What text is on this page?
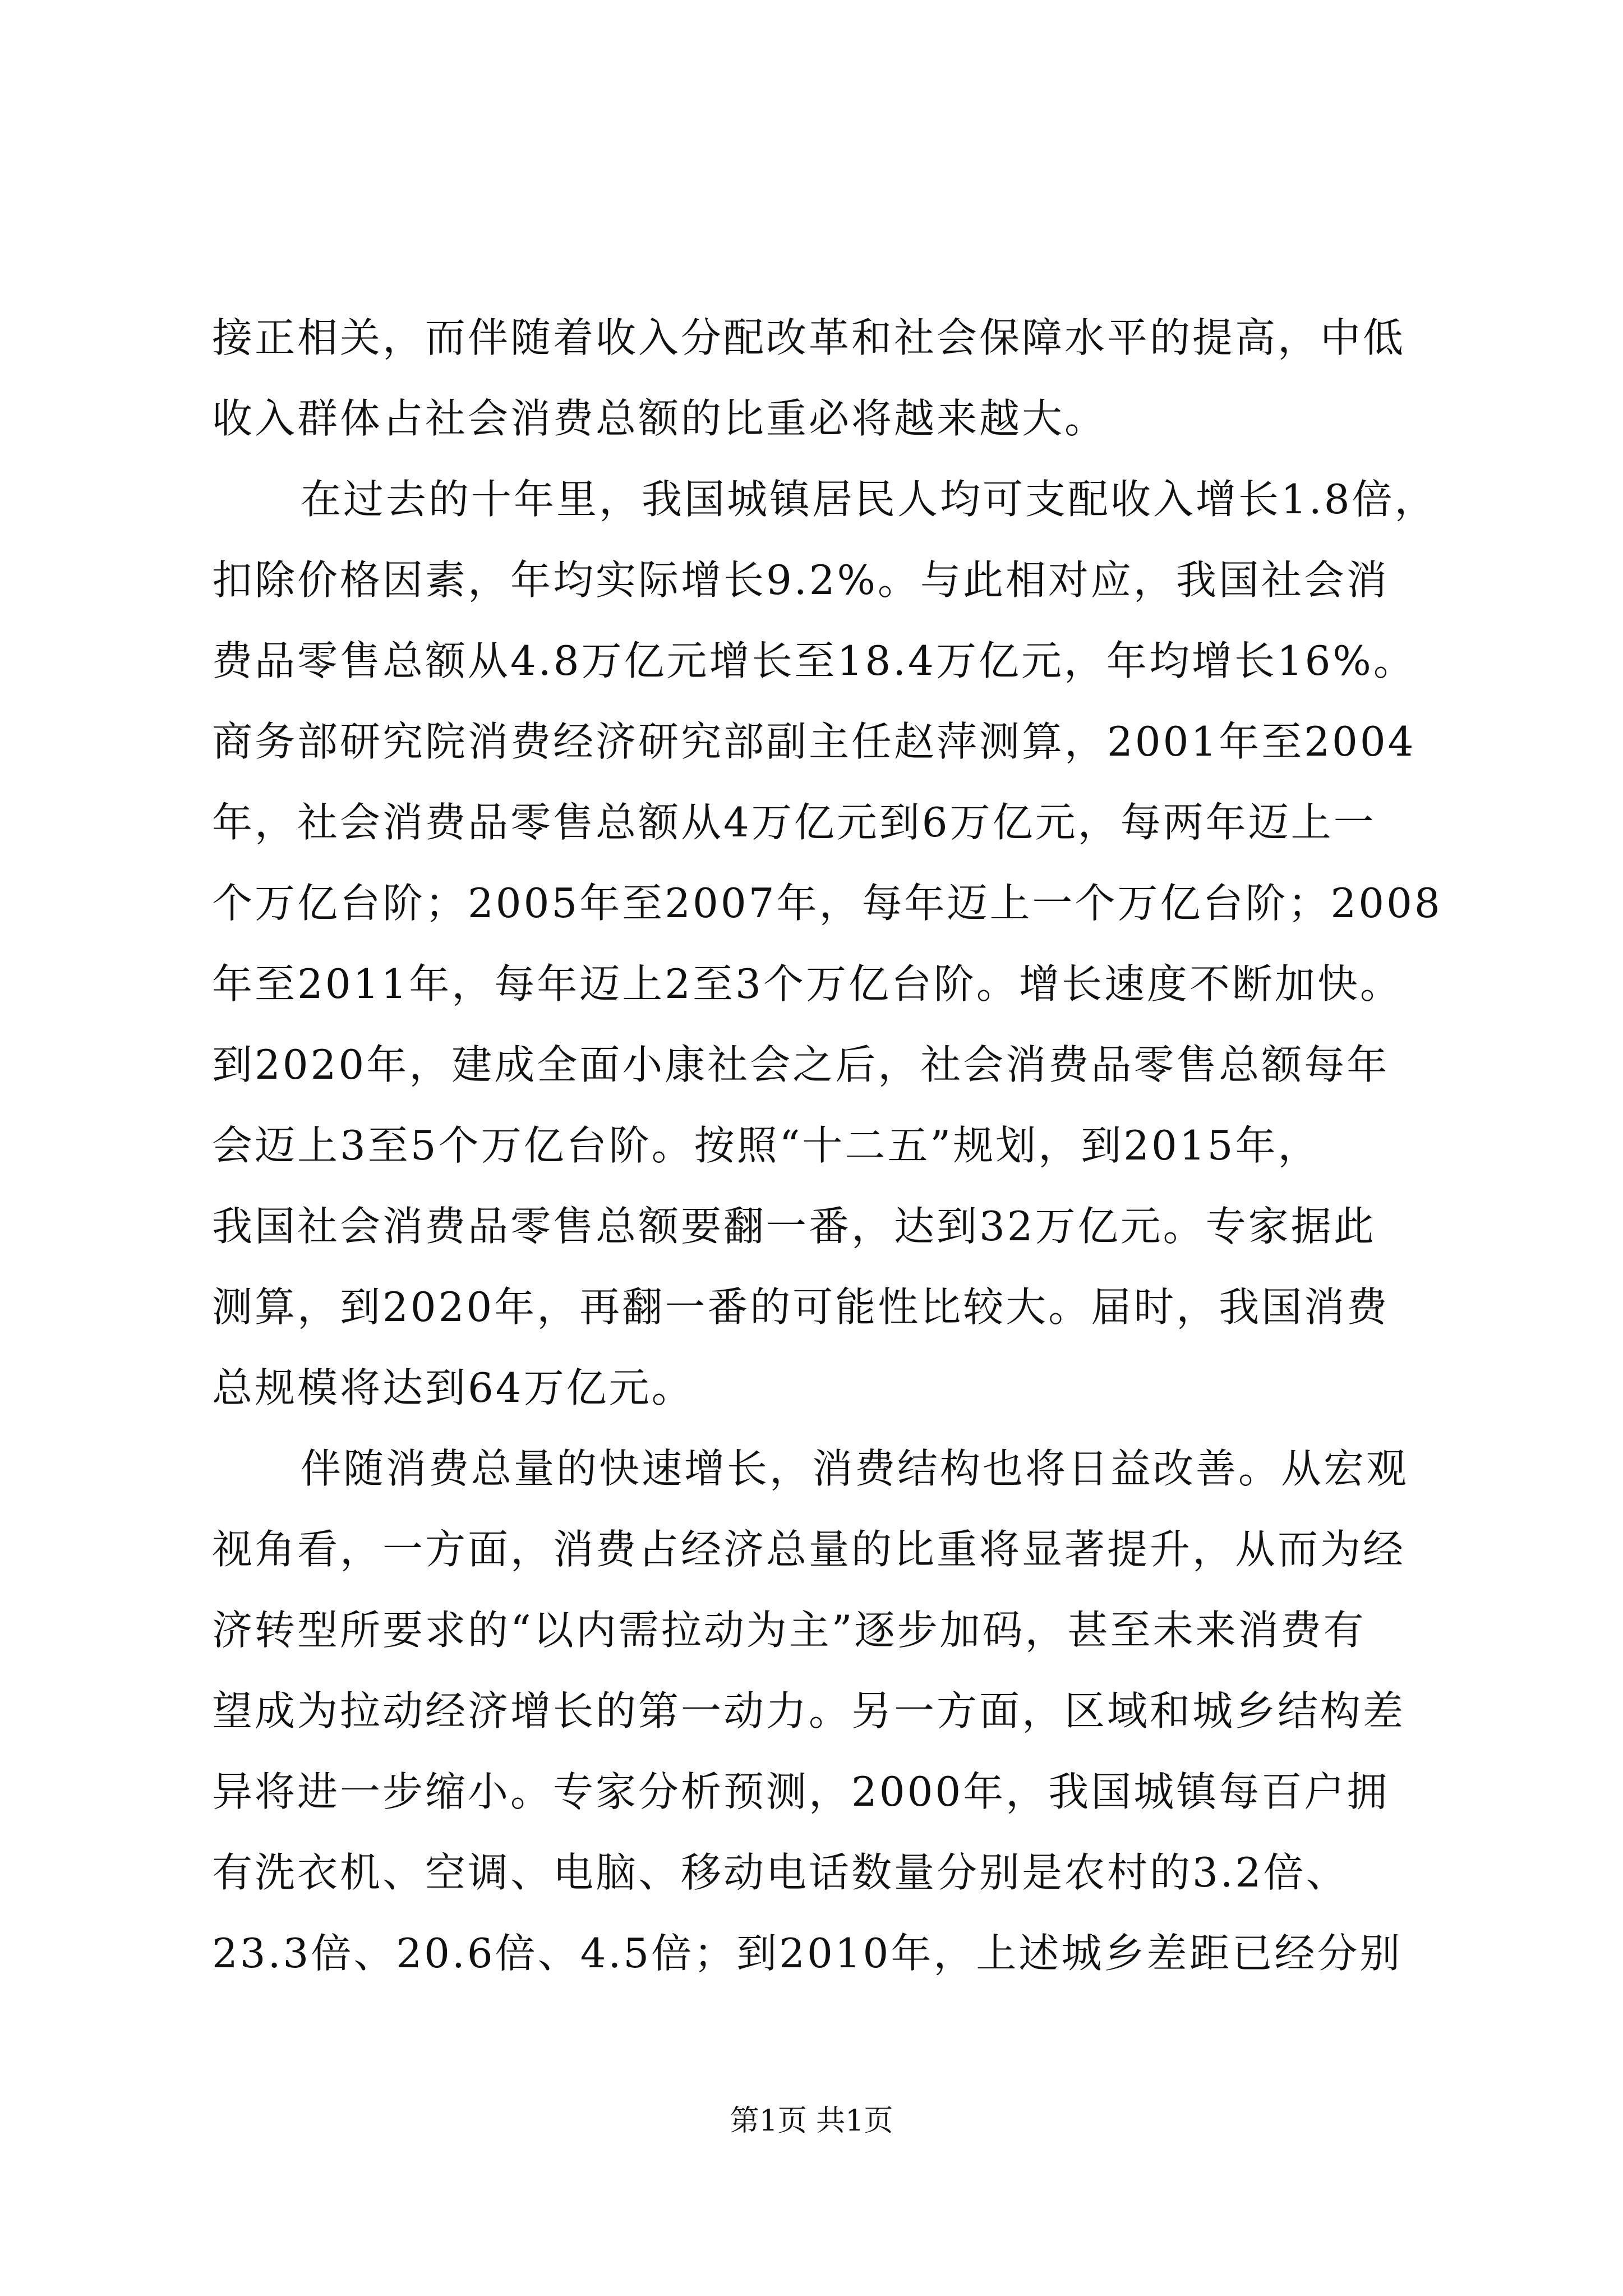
接正相关，而伴随着收入分配改革和社会保障水平的提高，中低
收入群体占社会消费总额的比重必将越来越大。
在过去的十年里，我国城镇居民人均可支配收入增长1.8倍，
扣除价格因素，年均实际增长9.2%。与此相对应，我国社会消
费品零售总额从4.8万亿元增长至18.4万亿元，年均增长16%。
商务部研究院消费经济研究部副主任赵萍测算，2001年至2004
年，社会消费品零售总额从4万亿元到6万亿元，每两年迈上一
个万亿台阶；2005年至2007年，每年迈上一个万亿台阶；2008
年至2011年，每年迈上2至3个万亿台阶。增长速度不断加快。
到2020年，建成全面小康社会之后，社会消费品零售总额每年
会迈上3至5个万亿台阶。按照“十二五”规划，到2015年，
我国社会消费品零售总额要翻一番，达到32万亿元。专家据此
测算，到2020年，再翻一番的可能性比较大。届时，我国消费
总规模将达到64万亿元。
伴随消费总量的快速增长，消费结构也将日益改善。从宏观
视角看，一方面，消费占经济总量的比重将显著提升，从而为经
济转型所要求的“以内需拉动为主”逐步加码，甚至未来消费有
望成为拉动经济增长的第一动力。另一方面，区域和城乡结构差
异将进一步缩小。专家分析预测，2000年，我国城镇每百户拥
有洗衣机、空调、电脑、移动电话数量分别是农村的3.2倍、
23.3倍、20.6倍、4.5倍；到2010年，上述城乡差距已经分别
第1页 共1页
